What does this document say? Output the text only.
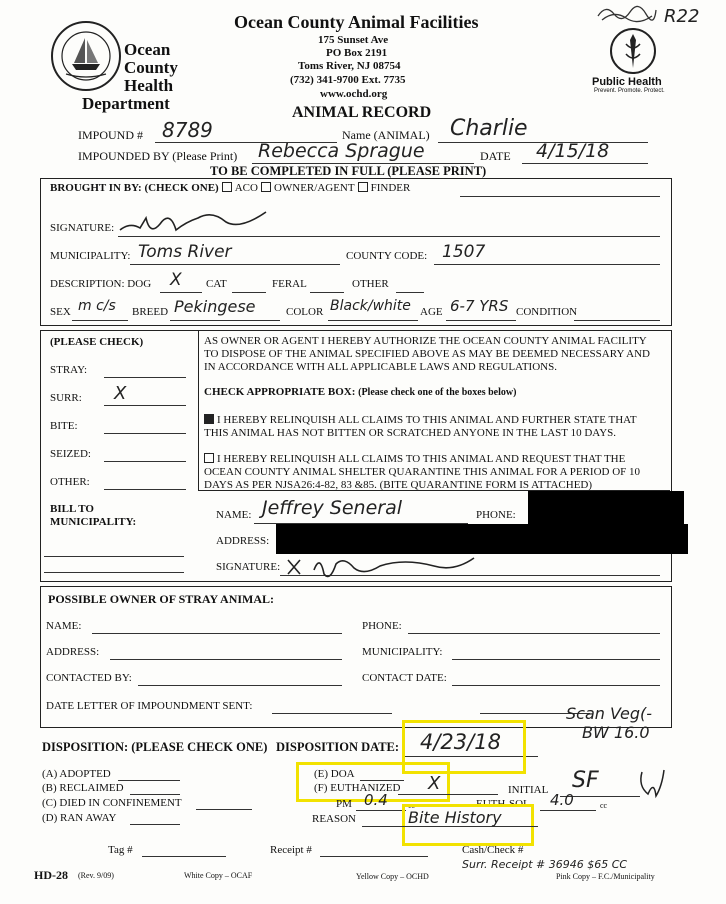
Ocean
County
Health
Department
Ocean County Animal Facilities
175 Sunset Ave
PO Box 2191
Toms River, NJ 08754
(732) 341-9700 Ext. 7735
www.ochd.org
ANIMAL RECORD
Public Health
Prevent. Promote. Protect.
R22
IMPOUND # 8789	Name (ANIMAL) Charlie
IMPOUNDED BY (Please Print) Rebecca Sprague	DATE 4/15/18
TO BE COMPLETED IN FULL (PLEASE PRINT)
BROUGHT IN BY: (CHECK ONE) ACO OWNER/AGENT FINDER
SIGNATURE:
MUNICIPALITY: Toms River	COUNTY CODE: 1507
DESCRIPTION: DOG X CAT	FERAL	OTHER
SEX m c/s BREED Pekingese	COLOR Black/white AGE 6-7 YRS CONDITION
(PLEASE CHECK)
STRAY:
SURR: X
BITE:
SEIZED:
OTHER:
BILL TO
MUNICIPALITY:
AS OWNER OR AGENT I HEREBY AUTHORIZE THE OCEAN COUNTY ANIMAL FACILITY
TO DISPOSE OF THE ANIMAL SPECIFIED ABOVE AS MAY BE DEEMED NECESSARY AND
IN ACCORDANCE WITH ALL APPLICABLE LAWS AND REGULATIONS.
CHECK APPROPRIATE BOX: (Please check one of the boxes below)
I HEREBY RELINQUISH ALL CLAIMS TO THIS ANIMAL AND FURTHER STATE THAT
THIS ANIMAL HAS NOT BITTEN OR SCRATCHED ANYONE IN THE LAST 10 DAYS.
I HEREBY RELINQUISH ALL CLAIMS TO THIS ANIMAL AND REQUEST THAT THE
OCEAN COUNTY ANIMAL SHELTER QUARANTINE THIS ANIMAL FOR A PERIOD OF 10
DAYS AS PER NJSA26:4-82, 83 &85. (BITE QUARANTINE FORM IS ATTACHED)
NAME: Jeffrey Seneral	PHONE:
ADDRESS:
SIGNATURE:
POSSIBLE OWNER OF STRAY ANIMAL:
NAME:	PHONE:
ADDRESS:	MUNICIPALITY:
CONTACTED BY:	CONTACT DATE:
DATE LETTER OF IMPOUNDMENT SENT:
DISPOSITION: (PLEASE CHECK ONE) DISPOSITION DATE: 4/23/18
Scan Veg(-
BW 16.0
(A) ADOPTED
(B) RECLAIMED
(C) DIED IN CONFINEMENT
(D) RAN AWAY
(E) DOA
(F) EUTHANIZED X	INITIAL SF
PM 0.4	cc	EUTH-SOL 4.0	cc
REASON	Bite History
Tag #	Receipt #	Cash/Check #
Surr. Receipt # 36946 $65 CC
HD-28 (Rev. 9/09)	White Copy – OCAF	Yellow Copy – OCHD	Pink Copy – F.C./Municipality
